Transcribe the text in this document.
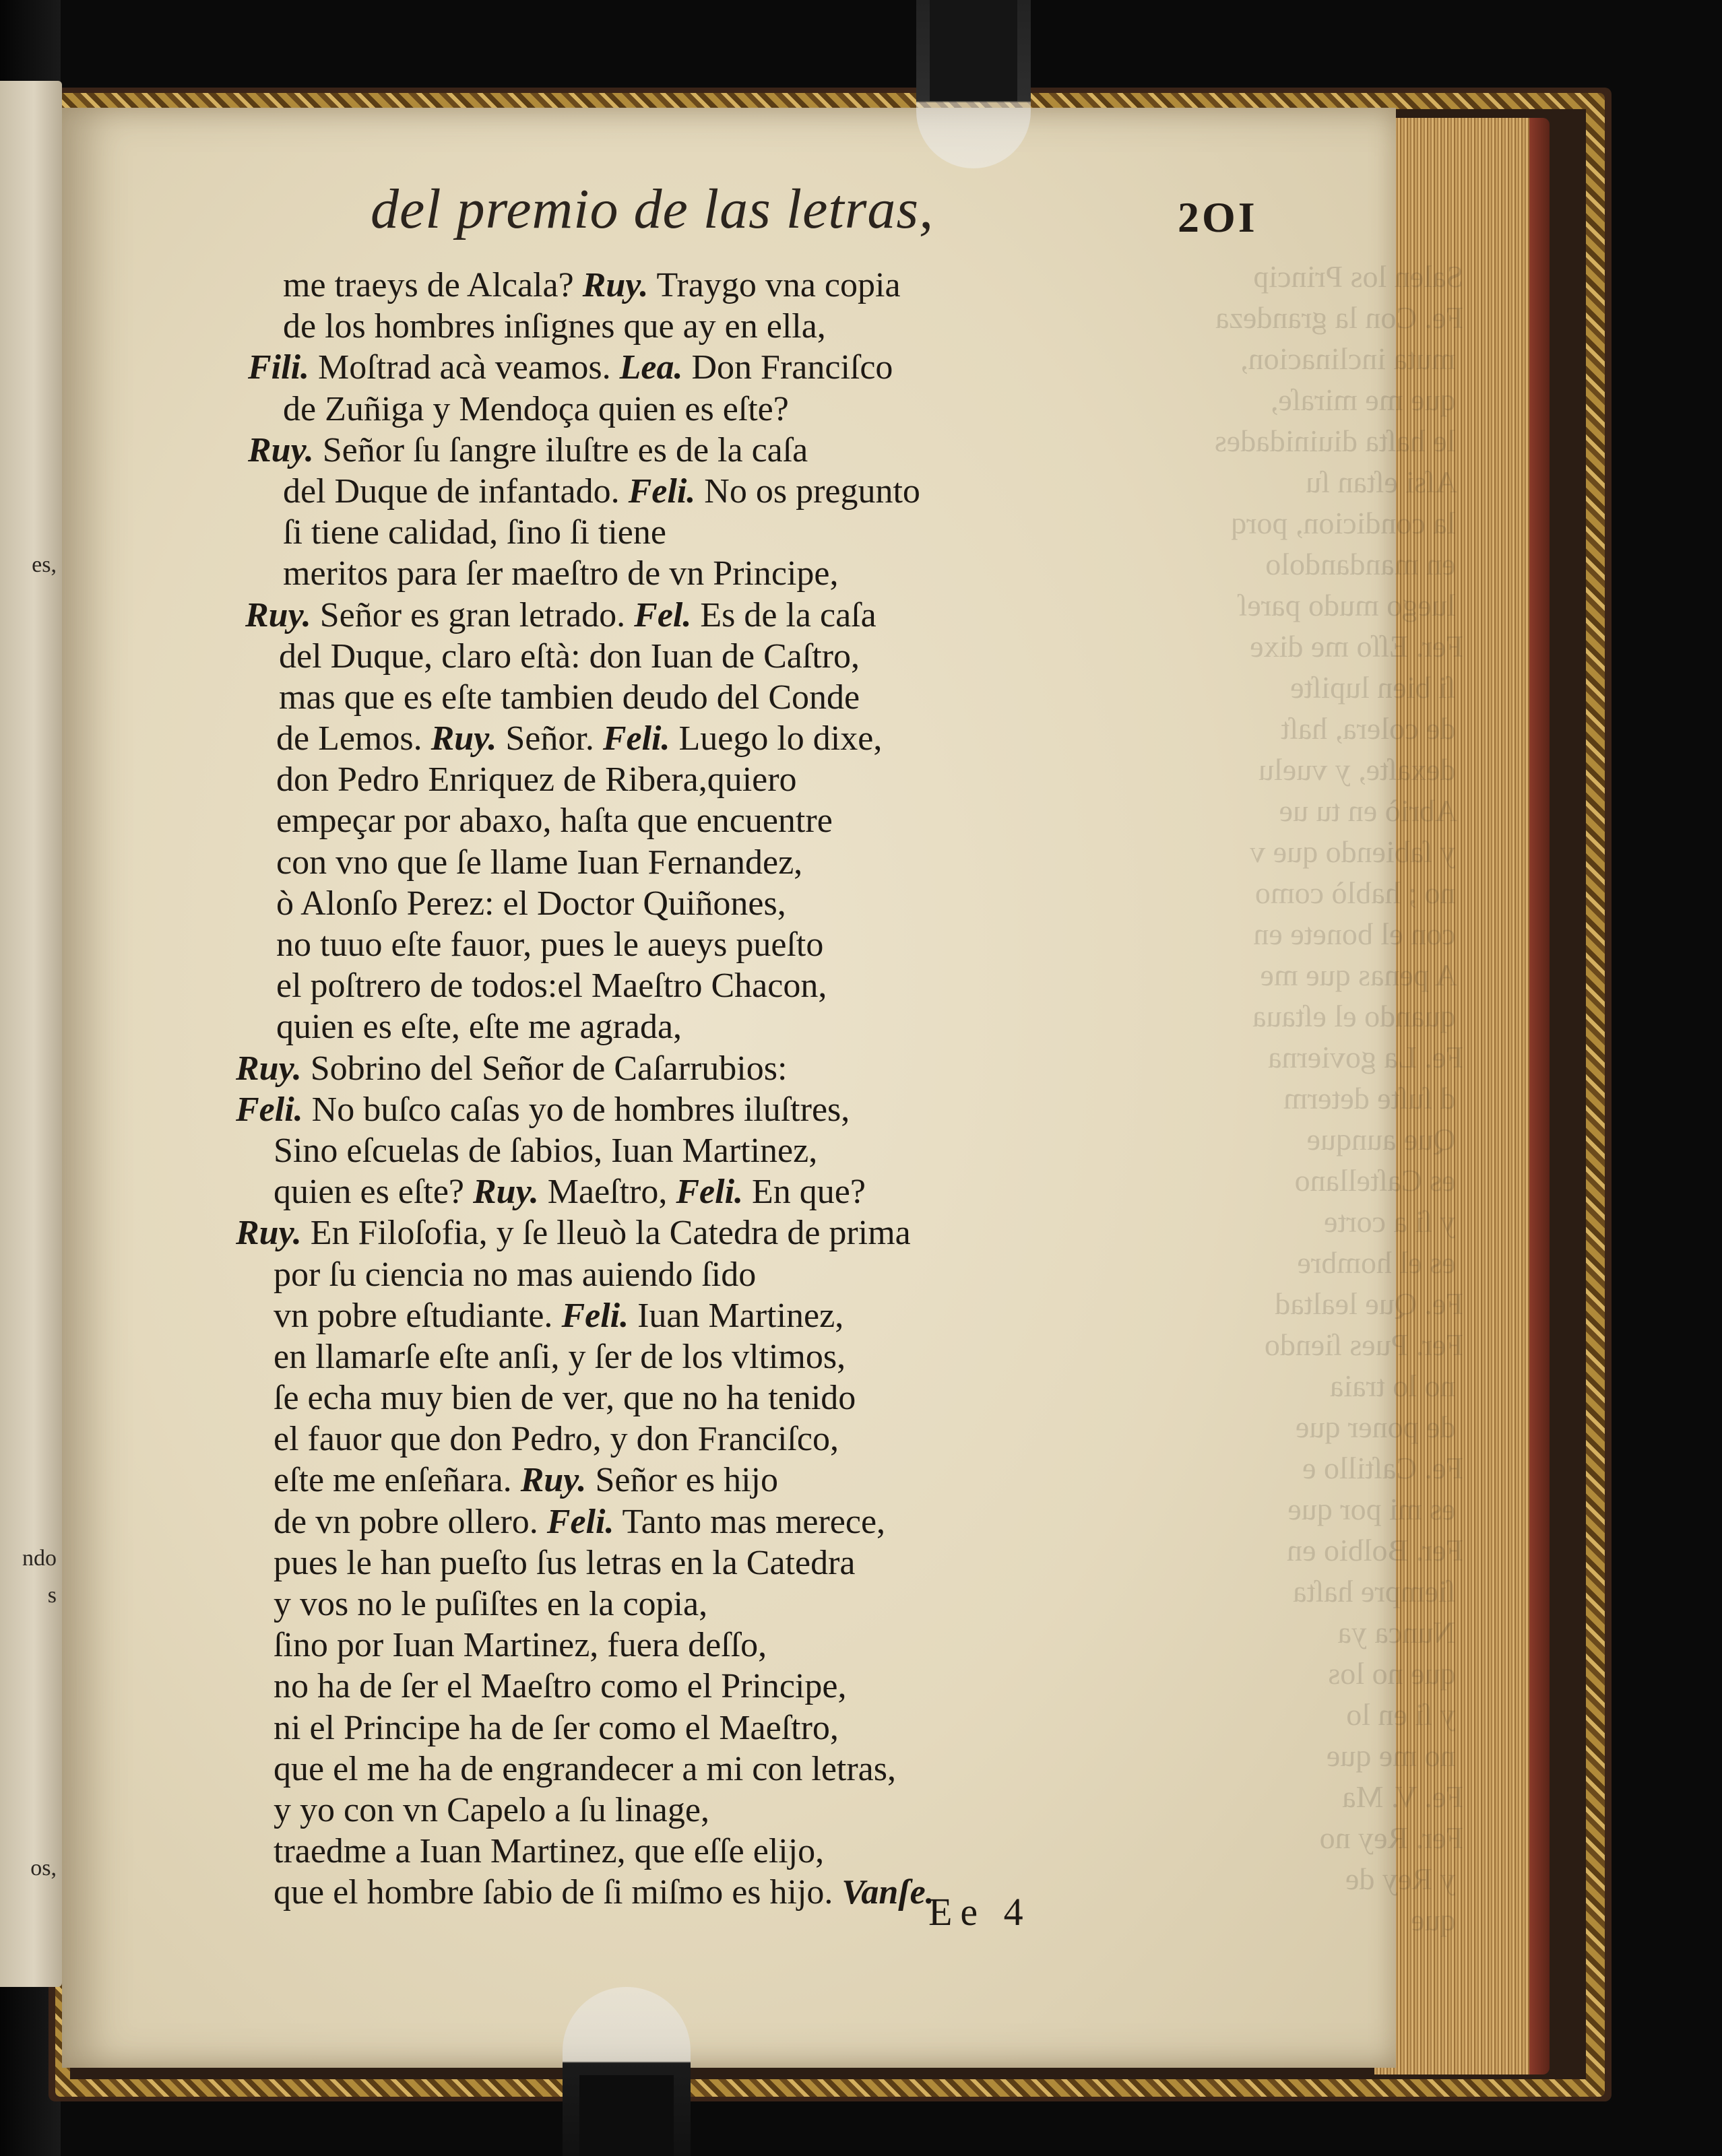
es,
ndo
s
os,
Salen los Princip
Fe. Con la grandeza
muta inclinacion,
que me miraſe,
le haſta diuinidades
Aſsi eſtan ſu
la condicion, porq
en mandandolo
luego mudo pareſ
Fer. Eſſo me dixe
ſi bien lupiſte
de colera, haſt
dexaſte, y vuelu
Abriò en tu ue
y ſabiendo que v
no ; hablò como
con el bonete en
A penas que me
quando el eſtaua
Fe. La govierna
d ſuſte determ
Que aunque
es Caſtellano
y ſi a corte
es el hombre
Fe. Que lealtad
Fer. Pues ſiendo
no lo traia
de poner que
Fe. Caſtillo e
es mi por que
Fer. Bolbio en
ſiempre haſta
Nunca ya
que no los
y ſi en lo
no me que
Fe. V. Ma
Fer. Rey no
y Rey de
que
del premio de las letras,	2OI
me traeys de Alcala? Ruy. Traygo vna copia
de los hombres inſignes que ay en ella,
Fili. Moſtrad acà veamos. Lea. Don Franciſco
de Zuñiga y Mendoça quien es eſte?
Ruy. Señor ſu ſangre iluſtre es de la caſa
del Duque de infantado. Feli. No os pregunto
ſi tiene calidad, ſino ſi tiene
meritos para ſer maeſtro de vn Principe,
Ruy. Señor es gran letrado. Fel. Es de la caſa
del Duque, claro eſtà: don Iuan de Caſtro,
mas que es eſte tambien deudo del Conde
de Lemos. Ruy. Señor. Feli. Luego lo dixe,
don Pedro Enriquez de Ribera,quiero
empeçar por abaxo, haſta que encuentre
con vno que ſe llame Iuan Fernandez,
ò Alonſo Perez: el Doctor Quiñones,
no tuuo eſte fauor, pues le aueys pueſto
el poſtrero de todos:el Maeſtro Chacon,
quien es eſte, eſte me agrada,
Ruy. Sobrino del Señor de Caſarrubios:
Feli. No buſco caſas yo de hombres iluſtres,
Sino eſcuelas de ſabios, Iuan Martinez,
quien es eſte? Ruy. Maeſtro, Feli. En que?
Ruy. En Filoſofia, y ſe lleuò la Catedra de prima
por ſu ciencia no mas auiendo ſido
vn pobre eſtudiante. Feli. Iuan Martinez,
en llamarſe eſte anſi, y ſer de los vltimos,
ſe echa muy bien de ver, que no ha tenido
el fauor que don Pedro, y don Franciſco,
eſte me enſeñara. Ruy. Señor es hijo
de vn pobre ollero. Feli. Tanto mas merece,
pues le han pueſto ſus letras en la Catedra
y vos no le puſiſtes en la copia,
ſino por Iuan Martinez, fuera deſſo,
no ha de ſer el Maeſtro como el Principe,
ni el Principe ha de ſer como el Maeſtro,
que el me ha de engrandecer a mi con letras,
y yo con vn Capelo a ſu linage,
traedme a Iuan Martinez, que eſſe elijo,
que el hombre ſabio de ſi miſmo es hijo. Vanſe.
Ee 4
